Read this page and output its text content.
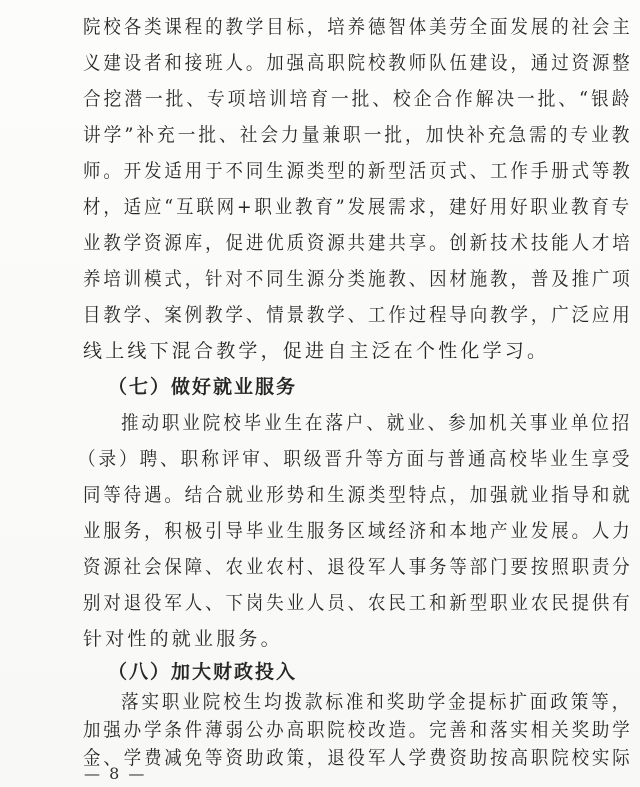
院校各类课程的教学目标，培养德智体美劳全面发展的社会主
义建设者和接班人。加强高职院校教师队伍建设，通过资源整
合挖潜一批、专项培训培育一批、校企合作解决一批、“银龄
讲学”补充一批、社会力量兼职一批，加快补充急需的专业教
师。开发适用于不同生源类型的新型活页式、工作手册式等教
材，适应“互联网+职业教育”发展需求，建好用好职业教育专
业教学资源库，促进优质资源共建共享。创新技术技能人才培
养培训模式，针对不同生源分类施教、因材施教，普及推广项
目教学、案例教学、情景教学、工作过程导向教学，广泛应用
线上线下混合教学，促进自主泛在个性化学习。
（七）做好就业服务
推动职业院校毕业生在落户、就业、参加机关事业单位招
（录）聘、职称评审、职级晋升等方面与普通高校毕业生享受
同等待遇。结合就业形势和生源类型特点，加强就业指导和就
业服务，积极引导毕业生服务区域经济和本地产业发展。人力
资源社会保障、农业农村、退役军人事务等部门要按照职责分
别对退役军人、下岗失业人员、农民工和新型职业农民提供有
针对性的就业服务。
（八）加大财政投入
落实职业院校生均拨款标准和奖助学金提标扩面政策等，
加强办学条件薄弱公办高职院校改造。完善和落实相关奖助学
金、学费减免等资助政策，退役军人学费资助按高职院校实际
— 8 —
